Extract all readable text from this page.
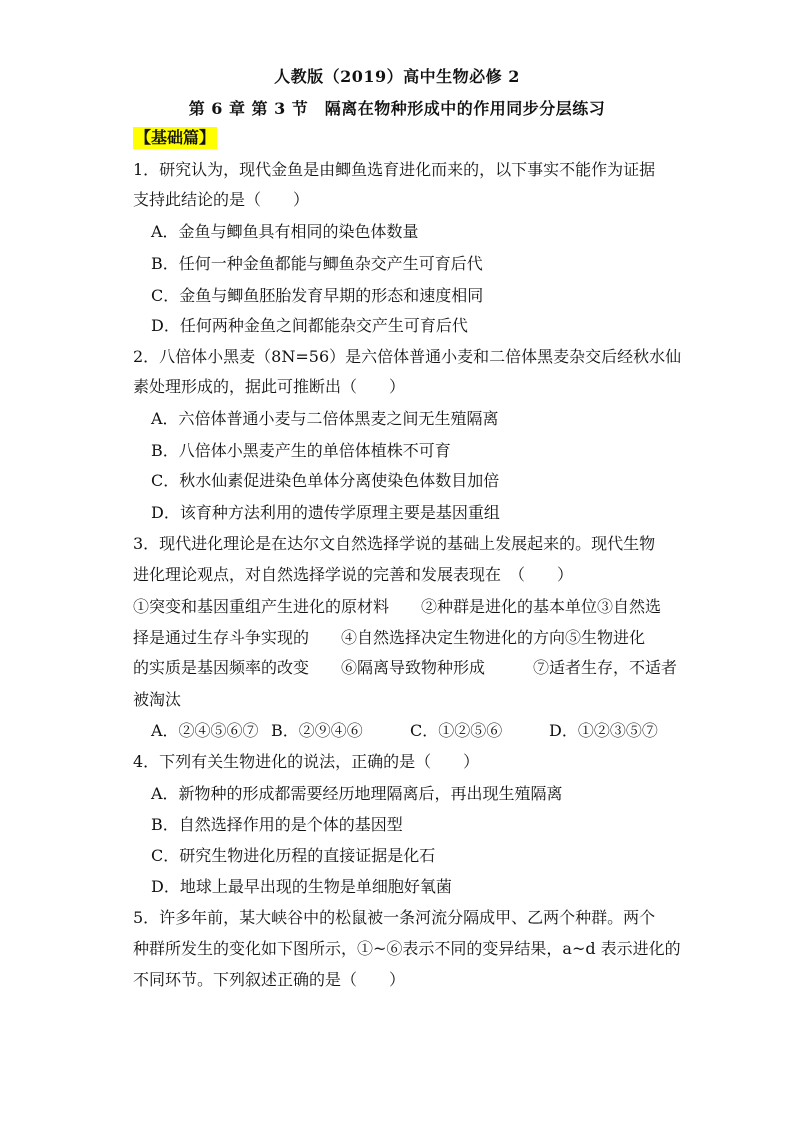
人教版（2019）高中生物必修 2
第 6 章 第 3 节　隔离在物种形成中的作用同步分层练习
【基础篇】
1．研究认为，现代金鱼是由鲫鱼选育进化而来的，以下事实不能作为证据
支持此结论的是（　　）
A．金鱼与鲫鱼具有相同的染色体数量
B．任何一种金鱼都能与鲫鱼杂交产生可育后代
C．金鱼与鲫鱼胚胎发育早期的形态和速度相同
D．任何两种金鱼之间都能杂交产生可育后代
2．八倍体小黑麦（8N=56）是六倍体普通小麦和二倍体黑麦杂交后经秋水仙
素处理形成的，据此可推断出（　　）
A．六倍体普通小麦与二倍体黑麦之间无生殖隔离
B．八倍体小黑麦产生的单倍体植株不可育
C．秋水仙素促进染色单体分离使染色体数目加倍
D．该育种方法利用的遗传学原理主要是基因重组
3．现代进化理论是在达尔文自然选择学说的基础上发展起来的。现代生物
进化理论观点，对自然选择学说的完善和发展表现在　（　　）
①突变和基因重组产生进化的原材料　　②种群是进化的基本单位③自然选
择是通过生存斗争实现的　　④自然选择决定生物进化的方向⑤生物进化
的实质是基因频率的改变　　⑥隔离导致物种形成　　　⑦适者生存，不适者
被淘汰
A．②④⑤⑥⑦ B．②⑨④⑥	C．①②⑤⑥	D．①②③⑤⑦
4．下列有关生物进化的说法，正确的是（　　）
A．新物种的形成都需要经历地理隔离后，再出现生殖隔离
B．自然选择作用的是个体的基因型
C．研究生物进化历程的直接证据是化石
D．地球上最早出现的生物是单细胞好氧菌
5．许多年前，某大峡谷中的松鼠被一条河流分隔成甲、乙两个种群。两个
种群所发生的变化如下图所示，①~⑥表示不同的变异结果，a~d 表示进化的
不同环节。下列叙述正确的是（　　）
